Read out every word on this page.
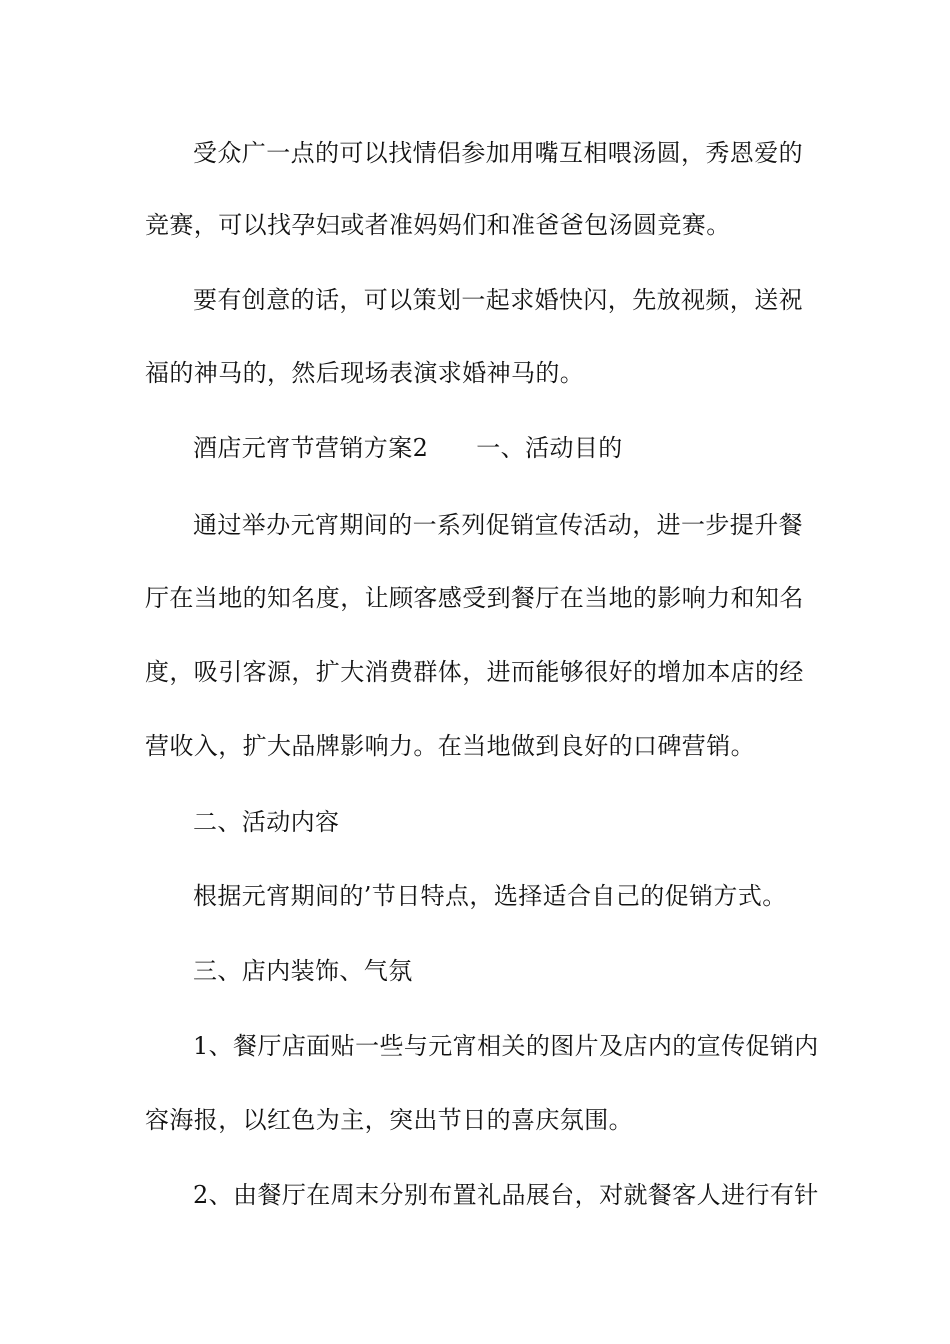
受众广一点的可以找情侣参加用嘴互相喂汤圆，秀恩爱的
竞赛，可以找孕妇或者准妈妈们和准爸爸包汤圆竞赛。
要有创意的话，可以策划一起求婚快闪，先放视频，送祝
福的神马的，然后现场表演求婚神马的。
酒店元宵节营销方案2 一、活动目的
通过举办元宵期间的一系列促销宣传活动，进一步提升餐
厅在当地的知名度，让顾客感受到餐厅在当地的影响力和知名
度，吸引客源，扩大消费群体，进而能够很好的增加本店的经
营收入，扩大品牌影响力。在当地做到良好的口碑营销。
二、活动内容
根据元宵期间的’节日特点，选择适合自己的促销方式。
三、店内装饰、气氛
1、餐厅店面贴一些与元宵相关的图片及店内的宣传促销内
容海报，以红色为主，突出节日的喜庆氛围。
2、由餐厅在周末分别布置礼品展台，对就餐客人进行有针
